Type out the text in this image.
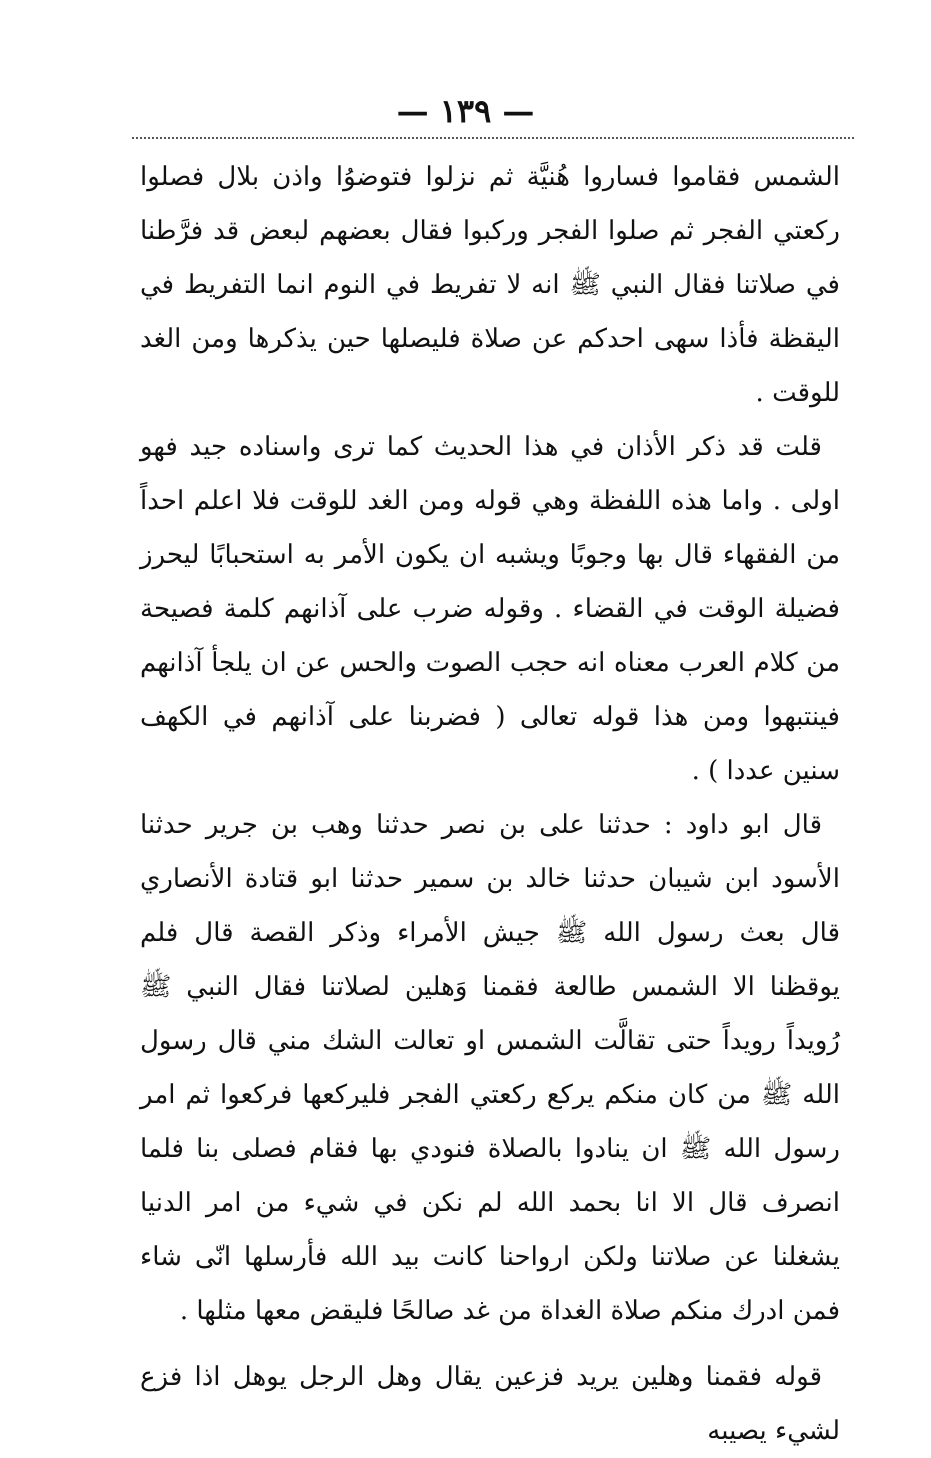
— ١٣٩ —

الشمس فقاموا فساروا هُنيَّة ثم نزلوا فتوضوُا واذن بلال فصلوا ركعتي الفجر ثم صلوا الفجر وركبوا فقال بعضهم لبعض قد فرَّطنا في صلاتنا فقال النبي ﷺ انه لا تفريط في النوم انما التفريط في اليقظة فأذا سهى احدكم عن صلاة فليصلها حين يذكرها ومن الغد للوقت .

قلت قد ذكر الأذان في هذا الحديث كما ترى واسناده جيد فهو اولى . واما هذه اللفظة وهي قوله ومن الغد للوقت فلا اعلم احداً من الفقهاء قال بها وجوبًا ويشبه ان يكون الأمر به استحبابًا ليحرز فضيلة الوقت في القضاء . وقوله ضرب على آذانهم كلمة فصيحة من كلام العرب معناه انه حجب الصوت والحس عن ان يلجأ آذانهم فينتبهوا ومن هذا قوله تعالى ( فضربنا على آذانهم في الكهف سنين عددا ) .

قال ابو داود : حدثنا على بن نصر حدثنا وهب بن جرير حدثنا الأسود ابن شيبان حدثنا خالد بن سمير حدثنا ابو قتادة الأنصاري قال بعث رسول الله ﷺ جيش الأمراء وذكر القصة قال فلم يوقظنا الا الشمس طالعة فقمنا وَهلين لصلاتنا فقال النبي ﷺ رُويداً رويداً حتى تقالَّت الشمس او تعالت الشك مني قال رسول الله ﷺ من كان منكم يركع ركعتي الفجر فليركعها فركعوا ثم امر رسول الله ﷺ ان ينادوا بالصلاة فنودي بها فقام فصلى بنا فلما انصرف قال الا انا بحمد الله لم نكن في شيء من امر الدنيا يشغلنا عن صلاتنا ولكن ارواحنا كانت بيد الله فأرسلها انّى شاء فمن ادرك منكم صلاة الغداة من غد صالحًا فليقض معها مثلها .

قوله فقمنا وهلين يريد فزعين يقال وهل الرجل يوهل اذا فزع لشيء يصيبه
